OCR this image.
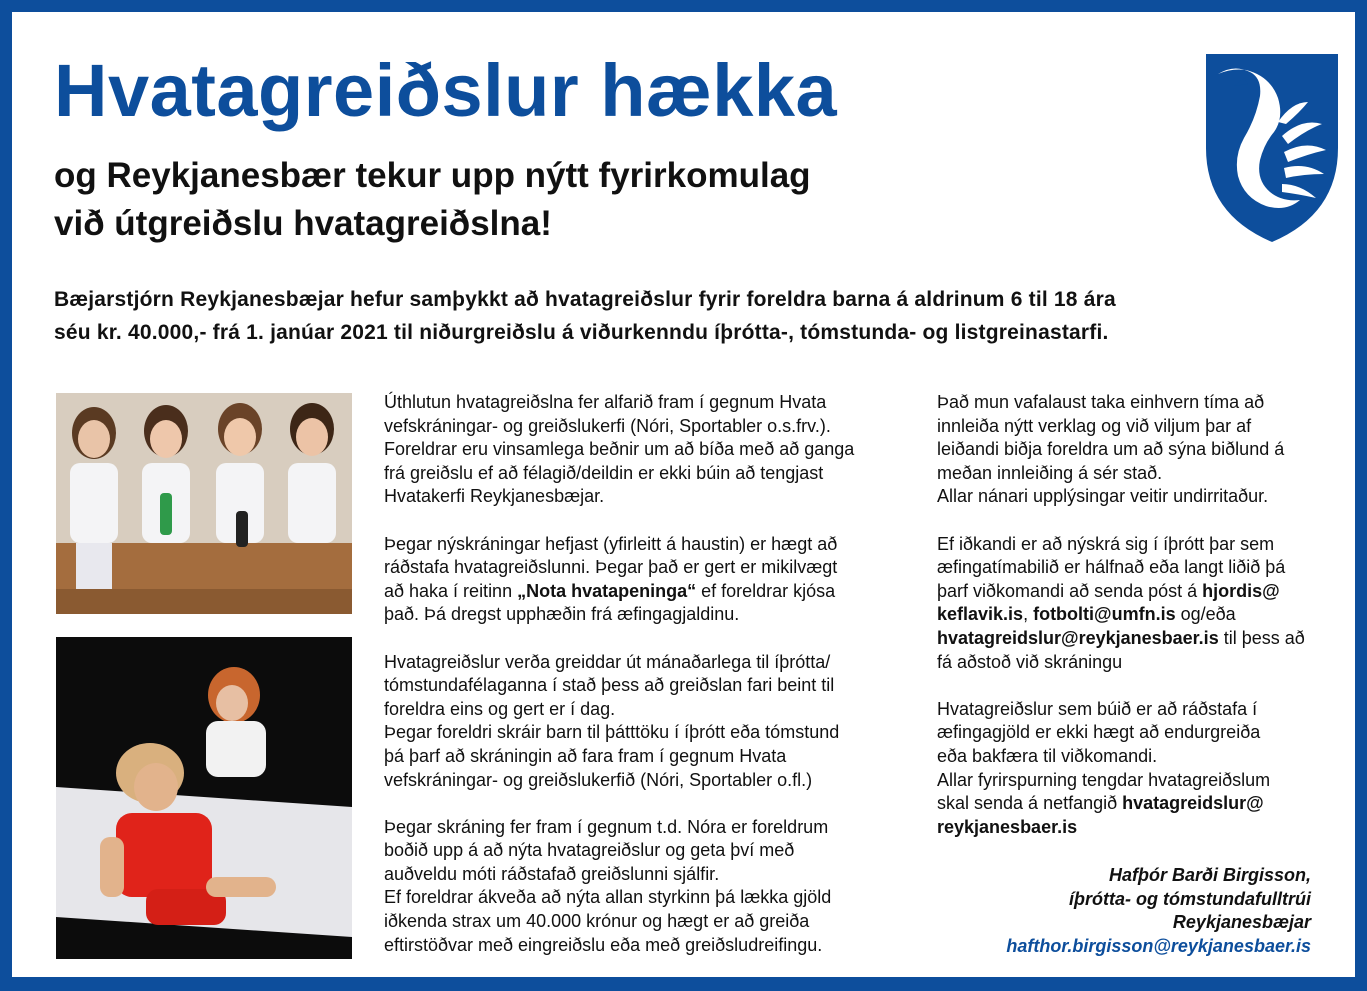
Hvatagreiðslur hækka
og Reykjanesbær tekur upp nýtt fyrirkomulag
við útgreiðslu hvatagreiðslna!

Bæjarstjórn Reykjanesbæjar hefur samþykkt að hvatagreiðslur fyrir foreldra barna á aldrinum 6 til 18 ára
séu kr. 40.000,- frá 1. janúar 2021 til niðurgreiðslu á viðurkenndu íþrótta-, tómstunda- og listgreinastarfi.

Úthlutun hvatagreiðslna fer alfarið fram í gegnum Hvata
vefskráningar- og greiðslukerfi (Nóri, Sportabler o.s.frv.).
Foreldrar eru vinsamlega beðnir um að bíða með að ganga
frá greiðslu ef að félagið/deildin er ekki búin að tengjast
Hvatakerfi Reykjanesbæjar.

Þegar nýskráningar hefjast (yfirleitt á haustin) er hægt að
ráðstafa hvatagreiðslunni. Þegar það er gert er mikilvægt
að haka í reitinn „Nota hvatapeninga“ ef foreldrar kjósa
það. Þá dregst upphæðin frá æfingagjaldinu.

Hvatagreiðslur verða greiddar út mánaðarlega til íþrótta/
tómstundafélaganna í stað þess að greiðslan fari beint til
foreldra eins og gert er í dag.
Þegar foreldri skráir barn til þátttöku í íþrótt eða tómstund
þá þarf að skráningin að fara fram í gegnum Hvata
vefskráningar- og greiðslukerfið (Nóri, Sportabler o.fl.)

Þegar skráning fer fram í gegnum t.d. Nóra er foreldrum
boðið upp á að nýta hvatagreiðslur og geta því með
auðveldu móti ráðstafað greiðslunni sjálfir.
Ef foreldrar ákveða að nýta allan styrkinn þá lækka gjöld
iðkenda strax um 40.000 krónur og hægt er að greiða
eftirstöðvar með eingreiðslu eða með greiðsludreifingu.

Það mun vafalaust taka einhvern tíma að
innleiða nýtt verklag og við viljum þar af
leiðandi biðja foreldra um að sýna biðlund á
meðan innleiðing á sér stað.
Allar nánari upplýsingar veitir undirritaður.

Ef iðkandi er að nýskrá sig í íþrótt þar sem
æfingatímabilið er hálfnað eða langt liðið þá
þarf viðkomandi að senda póst á hjordis@
keflavik.is, fotbolti@umfn.is og/eða
hvatagreidslur@reykjanesbaer.is til þess að
fá aðstoð við skráningu

Hvatagreiðslur sem búið er að ráðstafa í
æfingagjöld er ekki hægt að endurgreiða
eða bakfæra til viðkomandi.
Allar fyrirspurning tengdar hvatagreiðslum
skal senda á netfangið hvatagreidslur@
reykjanesbaer.is

Hafþór Barði Birgisson,
íþrótta- og tómstundafulltrúi
Reykjanesbæjar
hafthor.birgisson@reykjanesbaer.is
